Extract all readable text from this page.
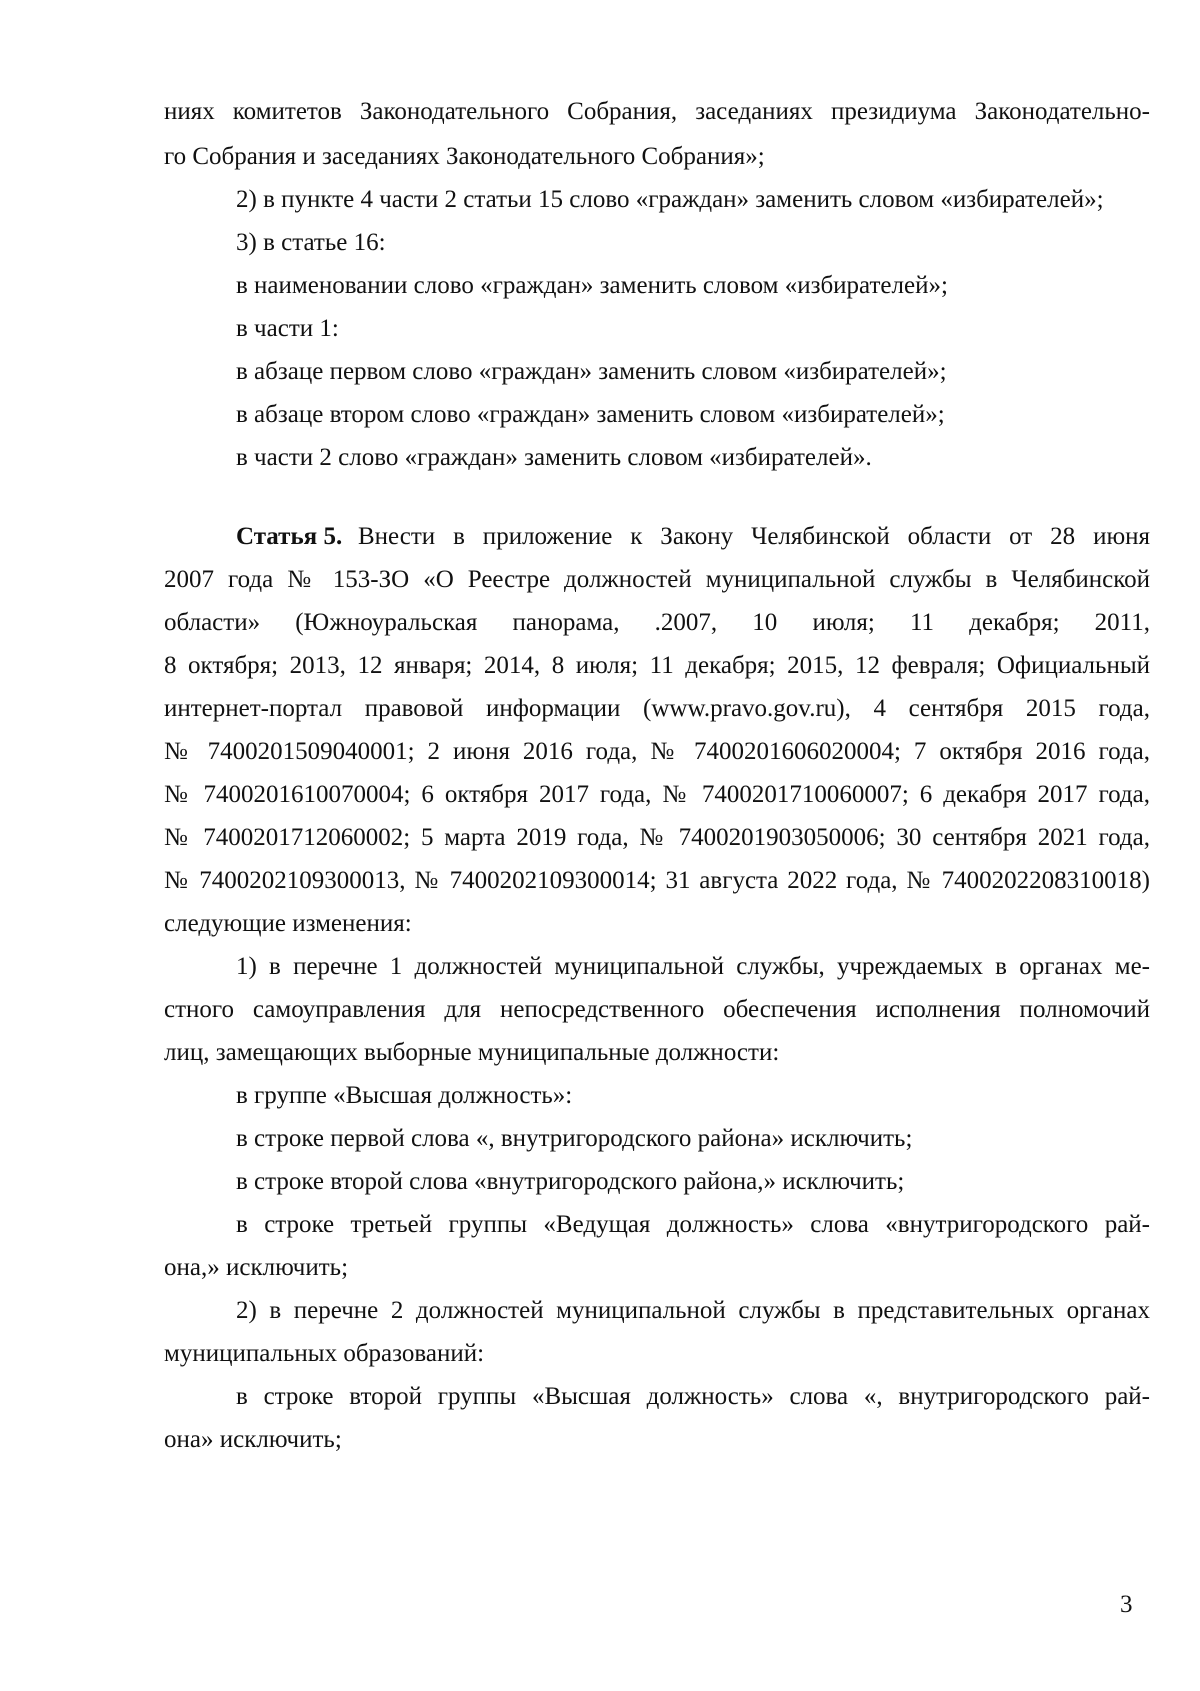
ниях комитетов Законодательного Собрания, заседаниях президиума Законодательно-
го Собрания и заседаниях Законодательного Собрания»;
2) в пункте 4 части 2 статьи 15 слово «граждан» заменить словом «избирателей»;
3) в статье 16:
в наименовании слово «граждан» заменить словом «избирателей»;
в части 1:
в абзаце первом слово «граждан» заменить словом «избирателей»;
в абзаце втором слово «граждан» заменить словом «избирателей»;
в части 2 слово «граждан» заменить словом «избирателей».
Статья 5. Внести в приложение к Закону Челябинской области от 28 июня
2007 года № 153-ЗО «О Реестре должностей муниципальной службы в Челябинской
области» (Южноуральская панорама, .2007, 10 июля; 11 декабря; 2011,
8 октября; 2013, 12 января; 2014, 8 июля; 11 декабря; 2015, 12 февраля; Официальный
интернет-портал правовой информации (www.pravo.gov.ru), 4 сентября 2015 года,
№ 7400201509040001; 2 июня 2016 года, № 7400201606020004; 7 октября 2016 года,
№ 7400201610070004; 6 октября 2017 года, № 7400201710060007; 6 декабря 2017 года,
№ 7400201712060002; 5 марта 2019 года, № 7400201903050006; 30 сентября 2021 года,
№ 7400202109300013, № 7400202109300014; 31 августа 2022 года, № 7400202208310018)
следующие изменения:
1) в перечне 1 должностей муниципальной службы, учреждаемых в органах ме-
стного самоуправления для непосредственного обеспечения исполнения полномочий
лиц, замещающих выборные муниципальные должности:
в группе «Высшая должность»:
в строке первой слова «, внутригородского района» исключить;
в строке второй слова «внутригородского района,» исключить;
в строке третьей группы «Ведущая должность» слова «внутригородского рай-
она,» исключить;
2) в перечне 2 должностей муниципальной службы в представительных органах
муниципальных образований:
в строке второй группы «Высшая должность» слова «, внутригородского рай-
она» исключить;
3
